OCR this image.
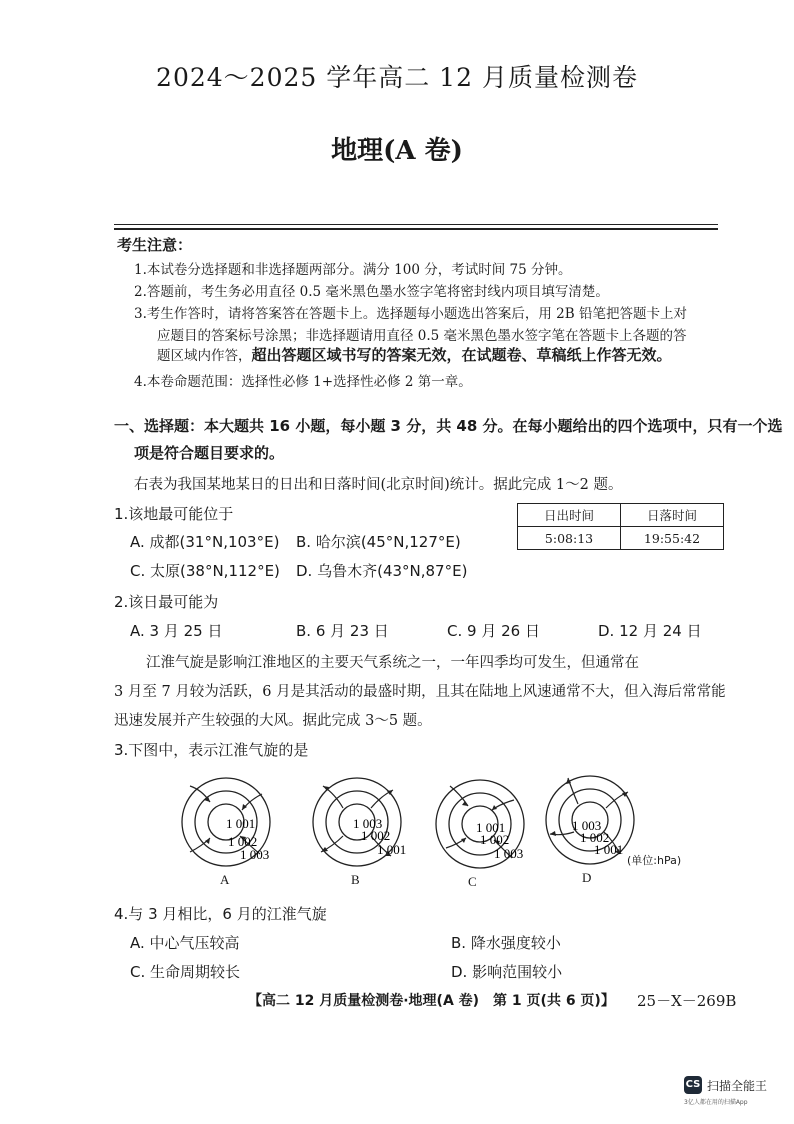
2024～2025 学年高二 12 月质量检测卷
地理(A 卷)
考生注意：
1.本试卷分选择题和非选择题两部分。满分 100 分，考试时间 75 分钟。
2.答题前，考生务必用直径 0.5 毫米黑色墨水签字笔将密封线内项目填写清楚。
3.考生作答时，请将答案答在答题卡上。选择题每小题选出答案后，用 2B 铅笔把答题卡上对
应题目的答案标号涂黑；非选择题请用直径 0.5 毫米黑色墨水签字笔在答题卡上各题的答
题区域内作答，超出答题区域书写的答案无效，在试题卷、草稿纸上作答无效。
4.本卷命题范围：选择性必修 1+选择性必修 2 第一章。
一、选择题：本大题共 16 小题，每小题 3 分，共 48 分。在每小题给出的四个选项中，只有一个选
项是符合题目要求的。
右表为我国某地某日的日出和日落时间(北京时间)统计。据此完成 1～2 题。
日出时间	日落时间
5:08:13	19:55:42
1.该地最可能位于
A. 成都(31°N,103°E) B. 哈尔滨(45°N,127°E)
C. 太原(38°N,112°E) D. 乌鲁木齐(43°N,87°E)
2.该日最可能为
A. 3 月 25 日	B. 6 月 23 日	C. 9 月 26 日	D. 12 月 24 日
江淮气旋是影响江淮地区的主要天气系统之一，一年四季均可发生，但通常在
3 月至 7 月较为活跃，6 月是其活动的最盛时期，且其在陆地上风速通常不大，但入海后常常能
迅速发展并产生较强的大风。据此完成 3～5 题。
3.下图中，表示江淮气旋的是
1 001
1 002
1 003
A
1 003
1 002
1 001
B
1 001
1 002
1 003
C
1 003
1 002
1 001
D
(单位:hPa)
4.与 3 月相比，6 月的江淮气旋
A. 中心气压较高	B. 降水强度较小
C. 生命周期较长	D. 影响范围较小
【高二 12 月质量检测卷·地理(A 卷)　第 1 页(共 6 页)】 25－X－269B
CS 扫描全能王
3亿人都在用的扫描App
